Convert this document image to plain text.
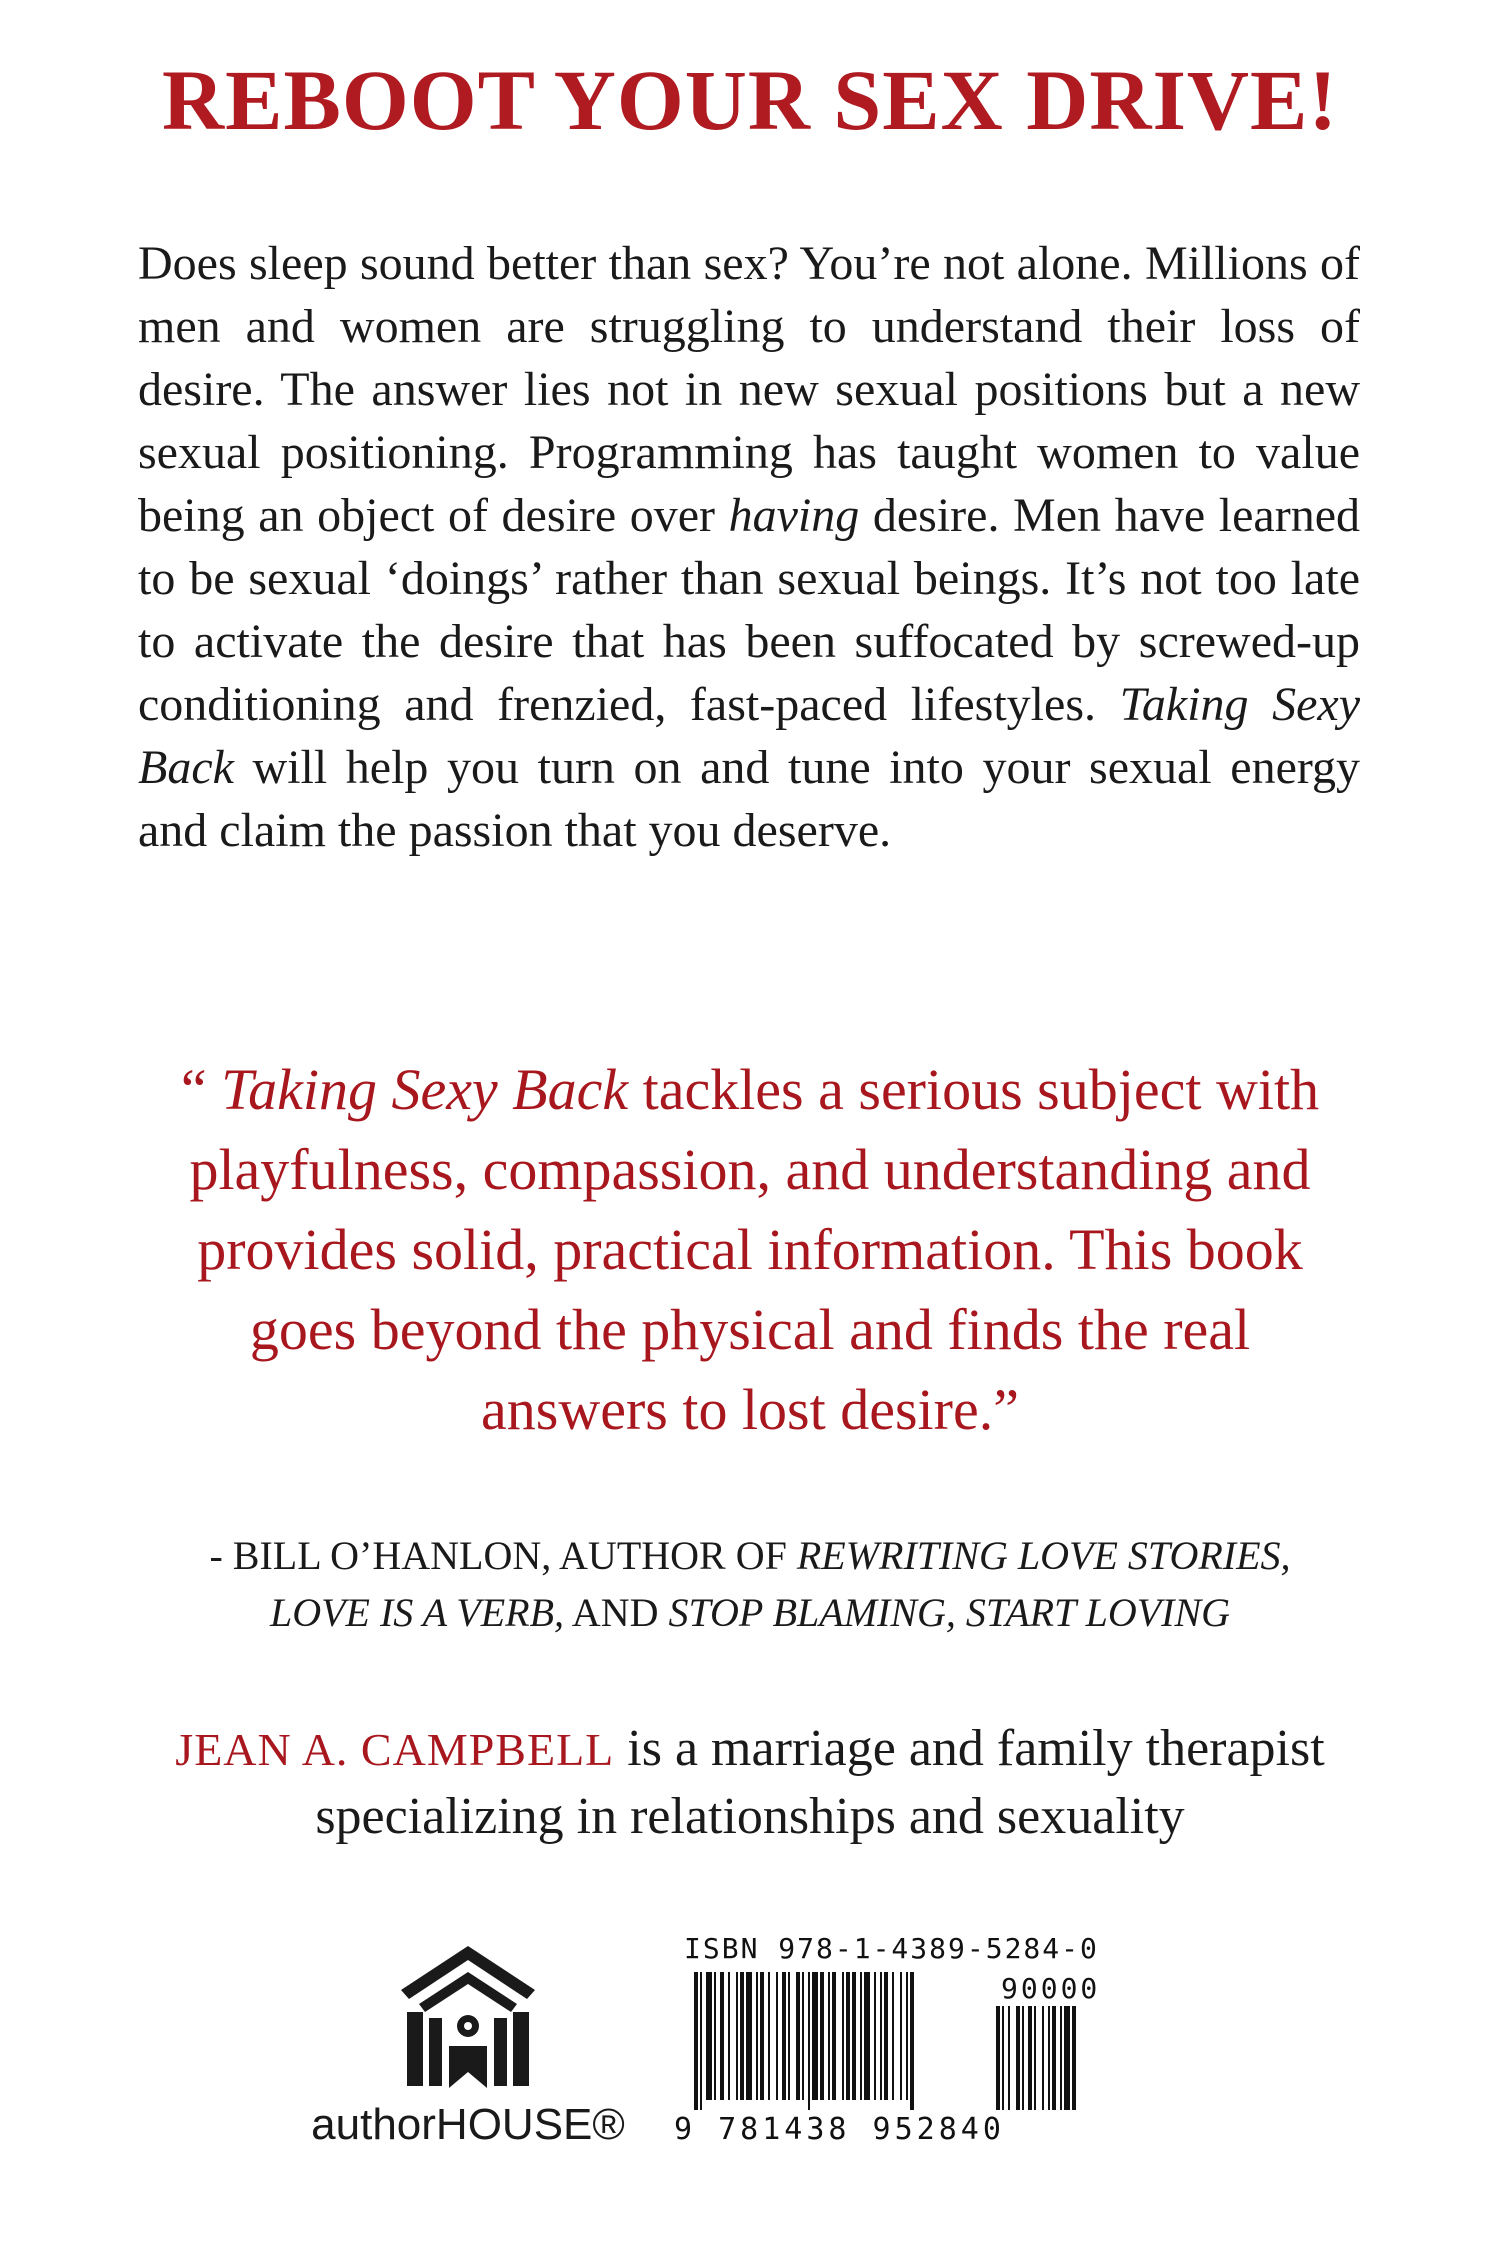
REBOOT YOUR SEX DRIVE!
Does sleep sound better than sex? You’re not alone. Millions of men and women are struggling to understand their loss of desire. The answer lies not in new sexual positions but a new sexual positioning. Programming has taught women to value being an object of desire over having desire. Men have learned to be sexual ‘doings’ rather than sexual beings. It’s not too late to activate the desire that has been suffocated by screwed-up conditioning and frenzied, fast-paced lifestyles. Taking Sexy Back will help you turn on and tune into your sexual energy and claim the passion that you deserve.
“ Taking Sexy Back tackles a serious subject with playfulness, compassion, and understanding and provides solid, practical information. This book goes beyond the physical and finds the real answers to lost desire.”
- BILL O’HANLON, AUTHOR OF REWRITING LOVE STORIES,
LOVE IS A VERB, AND STOP BLAMING, START LOVING
JEAN A. CAMPBELL is a marriage and family therapist specializing in relationships and sexuality
authorHOUSE®
ISBN 978-1-4389-5284-0
90000
9 781438 952840
